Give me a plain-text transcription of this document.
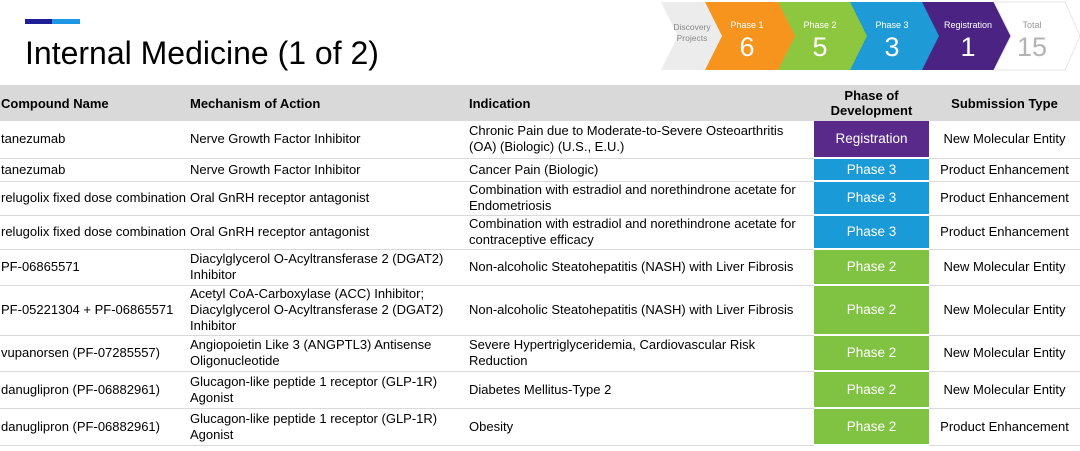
Internal Medicine (1 of 2)
Discovery Projects
Phase 1
6
Phase 2
5
Phase 3
3
Registration
1
Total
15
Compound Name	Mechanism of Action	Indication	Phase of Development	Submission Type
tanezumab	Nerve Growth Factor Inhibitor	Chronic Pain due to Moderate-to-Severe Osteoarthritis (OA) (Biologic) (U.S., E.U.)	Registration	New Molecular Entity
tanezumab	Nerve Growth Factor Inhibitor	Cancer Pain (Biologic)	Phase 3	Product Enhancement
relugolix fixed dose combination	Oral GnRH receptor antagonist	Combination with estradiol and norethindrone acetate for Endometriosis	Phase 3	Product Enhancement
relugolix fixed dose combination	Oral GnRH receptor antagonist	Combination with estradiol and norethindrone acetate for contraceptive efficacy	Phase 3	Product Enhancement
PF-06865571	Diacylglycerol O-Acyltransferase 2 (DGAT2) Inhibitor	Non-alcoholic Steatohepatitis (NASH) with Liver Fibrosis	Phase 2	New Molecular Entity
PF-05221304 + PF-06865571	Acetyl CoA-Carboxylase (ACC) Inhibitor; Diacylglycerol O-Acyltransferase 2 (DGAT2) Inhibitor	Non-alcoholic Steatohepatitis (NASH) with Liver Fibrosis	Phase 2	New Molecular Entity
vupanorsen (PF-07285557)	Angiopoietin Like 3 (ANGPTL3) Antisense Oligonucleotide	Severe Hypertriglyceridemia, Cardiovascular Risk Reduction	Phase 2	New Molecular Entity
danuglipron (PF-06882961)	Glucagon-like peptide 1 receptor (GLP-1R) Agonist	Diabetes Mellitus-Type 2	Phase 2	New Molecular Entity
danuglipron (PF-06882961)	Glucagon-like peptide 1 receptor (GLP-1R) Agonist	Obesity	Phase 2	Product Enhancement
